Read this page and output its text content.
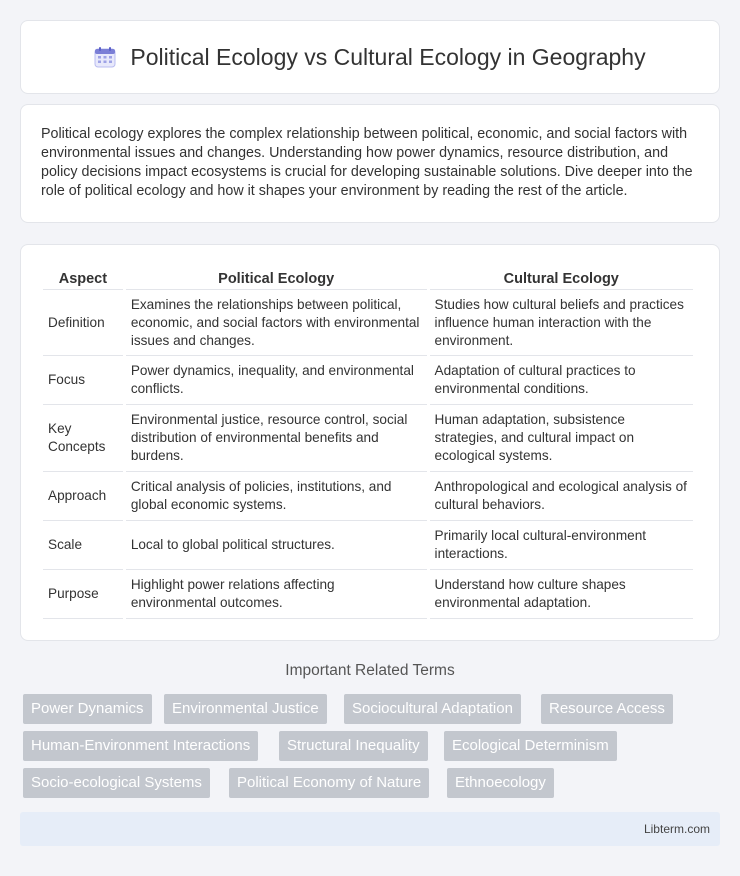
Political Ecology vs Cultural Ecology in Geography

Political ecology explores the complex relationship between political, economic, and social factors with environmental issues and changes. Understanding how power dynamics, resource distribution, and policy decisions impact ecosystems is crucial for developing sustainable solutions. Dive deeper into the role of political ecology and how it shapes your environment by reading the rest of the article.

Aspect	Political Ecology	Cultural Ecology
Definition	Examines the relationships between political, economic, and social factors with environmental issues and changes.	Studies how cultural beliefs and practices influence human interaction with the environment.
Focus	Power dynamics, inequality, and environmental conflicts.	Adaptation of cultural practices to environmental conditions.
Key Concepts	Environmental justice, resource control, social distribution of environmental benefits and burdens.	Human adaptation, subsistence strategies, and cultural impact on ecological systems.
Approach	Critical analysis of policies, institutions, and global economic systems.	Anthropological and ecological analysis of cultural behaviors.
Scale	Local to global political structures.	Primarily local cultural-environment interactions.
Purpose	Highlight power relations affecting environmental outcomes.	Understand how culture shapes environmental adaptation.
Important Related Terms
Power Dynamics	Environmental Justice	Sociocultural Adaptation	Resource Access
Human-Environment Interactions	Structural Inequality	Ecological Determinism
Socio-ecological Systems	Political Economy of Nature	Ethnoecology
Libterm.com
